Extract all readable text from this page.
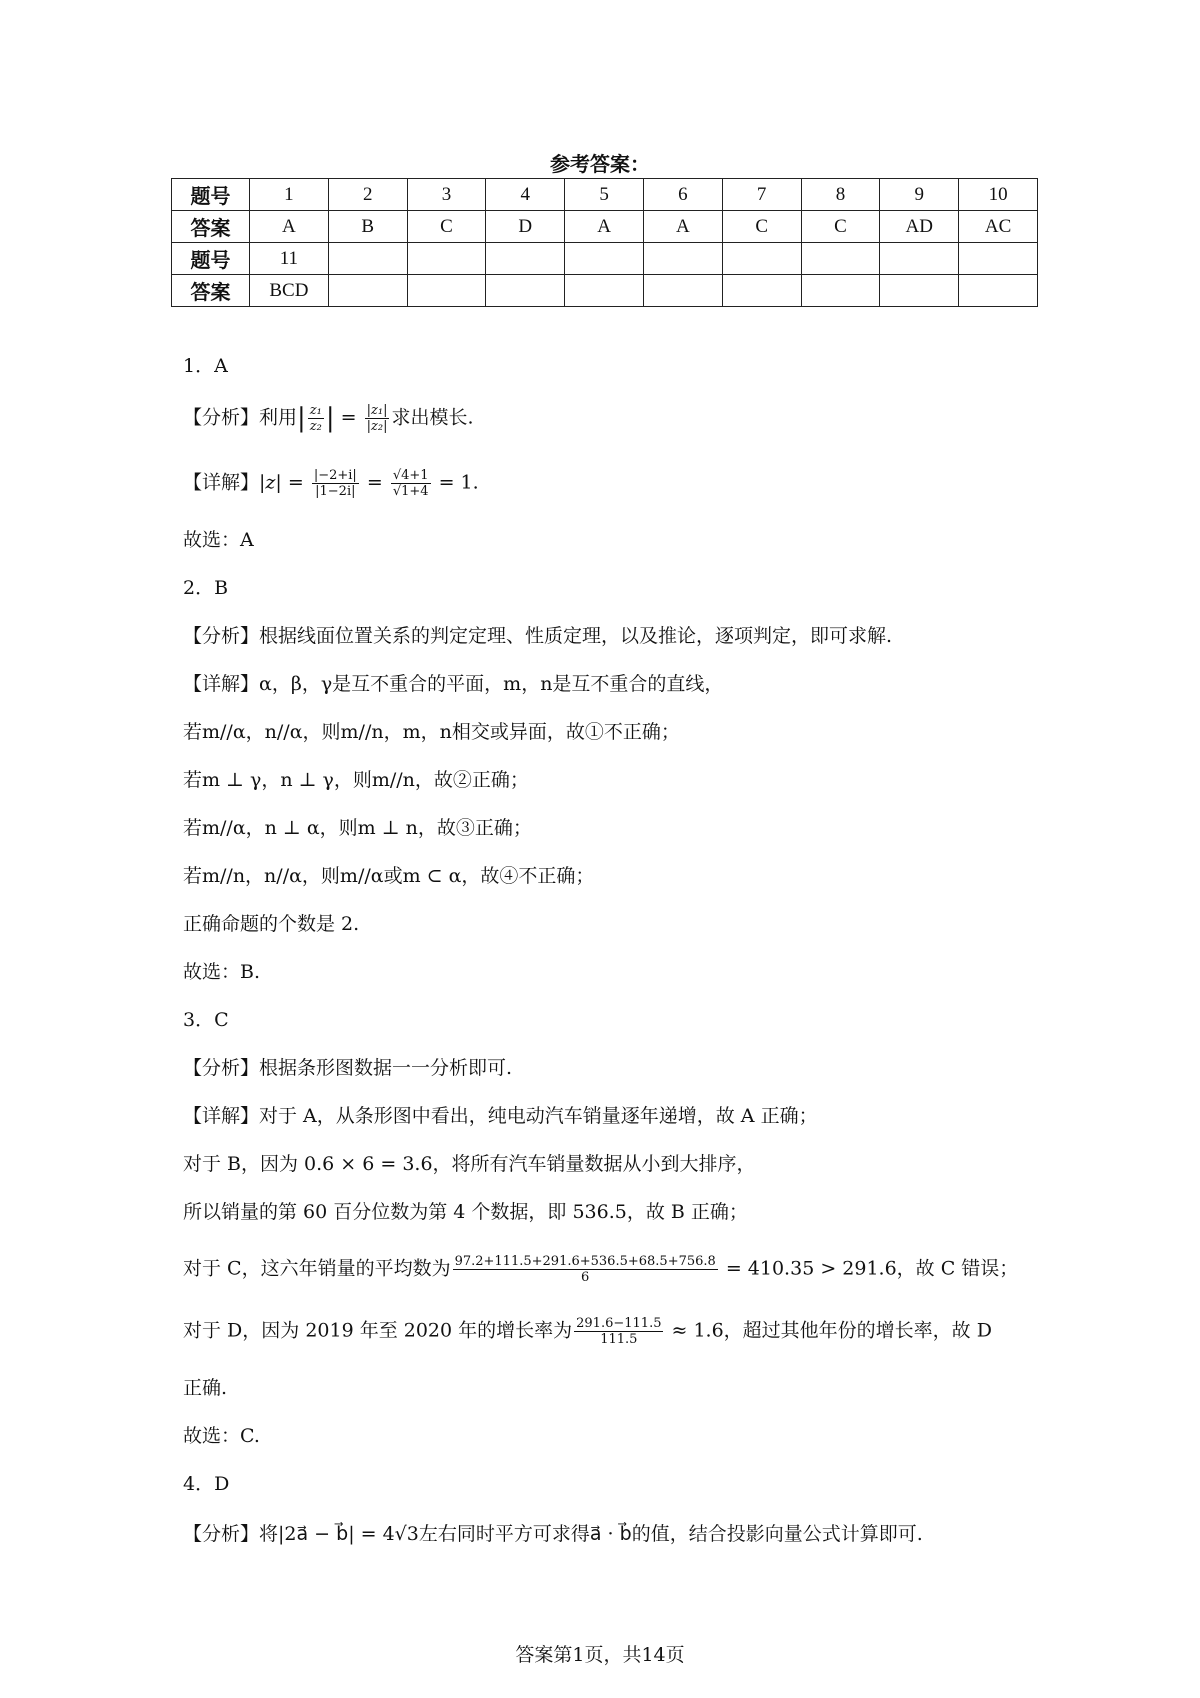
参考答案：
题号	1	2	3	4	5	6	7	8	9	10
答案	A	B	C	D	A	A	C	C	AD	AC
题号	11									
答案	BCD									
1．A
【分析】利用| $\frac{\text{z₁}}{\text{z₂}}$ | = $\frac{\text{|z₁|}}{\text{|z₂|}}$ 求出模长.
【详解】$|z| = \frac{|-2+i|}{|1-2i|} = \frac{√4+1}{√1+4} = 1$.
故选：A
2．B
【分析】根据线面位置关系的判定定理、性质定理，以及推论，逐项判定，即可求解.
【详解】α，β，γ是互不重合的平面，m，n是互不重合的直线，
若m//α，n//α，则m//n，m，n相交或异面，故①不正确；
若m ⊥ γ，n ⊥ γ，则m//n，故②正确；
若m//α，n ⊥ α，则m ⊥ n，故③正确；
若m//n，n//α，则m//α或m ⊂ α，故④不正确；
正确命题的个数是 2.
故选：B.
3．C
【分析】根据条形图数据一一分析即可.
【详解】对于 A，从条形图中看出，纯电动汽车销量逐年递增，故 A 正确；
对于 B，因为 0.6 × 6 = 3.6，将所有汽车销量数据从小到大排序，
所以销量的第 60 百分位数为第 4 个数据，即 536.5，故 B 正确；
对于 C，这六年销量的平均数为 $\frac{97.2+111.5+291.6+536.5+68.5+756.8}{6} = 410.35 > 291.6$，故 C 错误；
对于 D，因为 2019 年至 2020 年的增长率为 $\frac{291.6-111.5}{111.5} \approx 1.6$，超过其他年份的增长率，故 D
正确.
故选：C.
4．D
【分析】将|2a⃗ − b⃗| = 4√3左右同时平方可求得a⃗ · b⃗的值，结合投影向量公式计算即可.
答案第1页，共14页
